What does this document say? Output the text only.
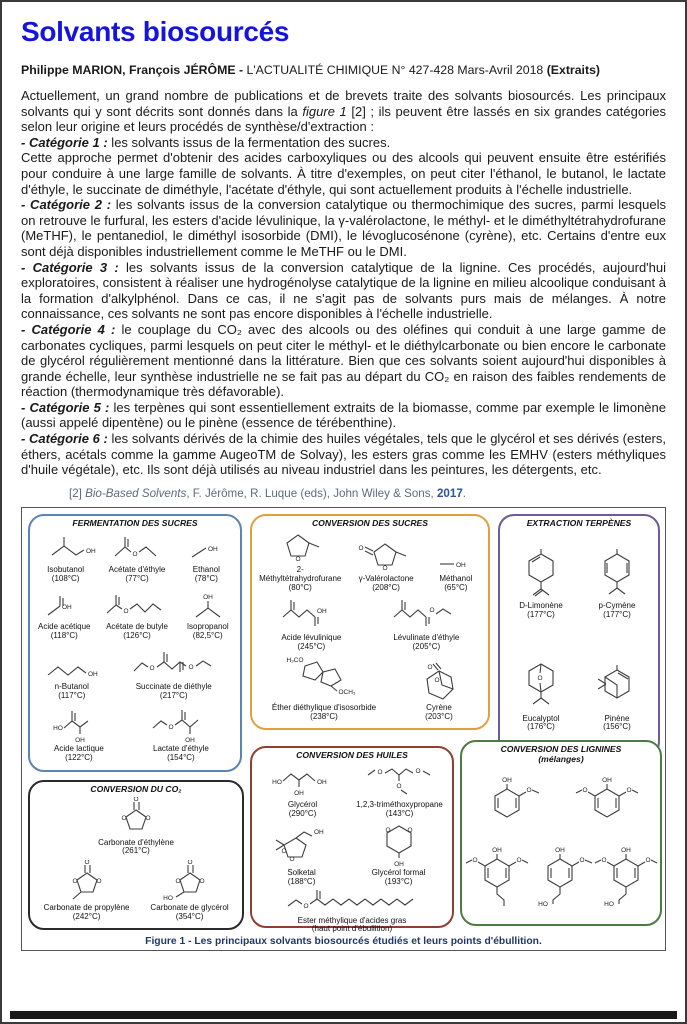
Solvants biosourcés

Philippe MARION, François JÉRÔME - L'ACTUALITÉ CHIMIQUE N° 427-428 Mars-Avril 2018 (Extraits)

Actuellement, un grand nombre de publications et de brevets traite des solvants biosourcés. Les principaux solvants qui y sont décrits sont donnés dans la figure 1 [2] ; ils peuvent être lassés en six grandes catégories selon leur origine et leurs procédés de synthèse/d'extraction :

- Catégorie 1 : les solvants issus de la fermentation des sucres.

Cette approche permet d'obtenir des acides carboxyliques ou des alcools qui peuvent ensuite être estérifiés pour conduire à une large famille de solvants. À titre d'exemples, on peut citer l'éthanol, le butanol, le lactate d'éthyle, le succinate de diméthyle, l'acétate d'éthyle, qui sont actuellement produits à l'échelle industrielle.

- Catégorie 2 : les solvants issus de la conversion catalytique ou thermochimique des sucres, parmi lesquels on retrouve le furfural, les esters d'acide lévulinique, la γ-valérolactone, le méthyl- et le diméthyltétrahydrofurane (MeTHF), le pentanediol, le diméthyl isosorbide (DMI), le lévoglucosénone (cyrène), etc. Certains d'entre eux sont déjà disponibles industriellement comme le MeTHF ou le DMI.

- Catégorie 3 : les solvants issus de la conversion catalytique de la lignine. Ces procédés, aujourd'hui exploratoires, consistent à réaliser une hydrogénolyse catalytique de la lignine en milieu alcoolique conduisant à la formation d'alkylphénol. Dans ce cas, il ne s'agit pas de solvants purs mais de mélanges. À notre connaissance, ces solvants ne sont pas encore disponibles à l'échelle industrielle.

- Catégorie 4 : le couplage du CO₂ avec des alcools ou des oléfines qui conduit à une large gamme de carbonates cycliques, parmi lesquels on peut citer le méthyl- et le diéthylcarbonate ou bien encore le carbonate de glycérol régulièrement mentionné dans la littérature. Bien que ces solvants soient aujourd'hui disponibles à grande échelle, leur synthèse industrielle ne se fait pas au départ du CO₂ en raison des faibles rendements de réaction (thermodynamique très défavorable).

- Catégorie 5 : les terpènes qui sont essentiellement extraits de la biomasse, comme par exemple le limonène (aussi appelé dipentène) ou le pinène (essence de térébenthine).

- Catégorie 6 : les solvants dérivés de la chimie des huiles végétales, tels que le glycérol et ses dérivés (esters, éthers, acétals comme la gamme AugeoTM de Solvay), les esters gras comme les EMHV (esters méthyliques d'huile végétale), etc. Ils sont déjà utilisés au niveau industriel dans les peintures, les détergents, etc.

[2] Bio-Based Solvents, F. Jérôme, R. Luque (eds), John Wiley & Sons, 2017.

FERMENTATION DES SUCRES
OH
Isobutanol
(108°C)
O
Acétate d'éthyle
(77°C)
OH
Ethanol
(78°C)
OH
Acide acétique
(118°C)
O
Acétate de butyle
(126°C)
OH
Isopropanol
(82,5°C)
OH
n-Butanol
(117°C)
O	O
Succinate de diéthyle
(217°C)
HO
OH
Acide lactique
(122°C)
O
OH
Lactate d'éthyle
(154°C)
CONVERSION DES SUCRES
O
2-Méthyltétrahydrofurane
(80°C)
O
O
γ-Valérolactone
(208°C)
OH
Méthanol
(65°C)
OH
Acide lévulinique
(245°C)
O
Lévulinate d'éthyle
(205°C)
H₃CO
OCH₃
Éther diéthylique d'isosorbide
(238°C)
O
O
Cyrène
(203°C)
EXTRACTION TERPÈNES
D-Limonène
(177°C)
p-Cymène
(177°C)
O
Eucalyptol
(176°C)
Pinène
(156°C)
CONVERSION DU CO₂
O
O	O
Carbonate d'éthylène
(261°C)
O
O	O
Carbonate de propylène
(242°C)
O
O	O
HO
Carbonate de glycérol
(354°C)
CONVERSION DES HUILES
HO	OH
OH
Glycérol
(290°C)
O	O
O
1,2,3-triméthoxypropane
(143°C)
OH
O
O
Solketal
(188°C)
O	O
OH
Glycérol formal
(193°C)
O
Ester méthylique d'acides gras
(haut point d'ébullition)
CONVERSION DES LIGNINES
(mélanges)
OH
O
OH
O	O
OH
O	O
OH
O
HO
OH
O	O
HO
Figure 1 - Les principaux solvants biosourcés étudiés et leurs points d'ébullition.
